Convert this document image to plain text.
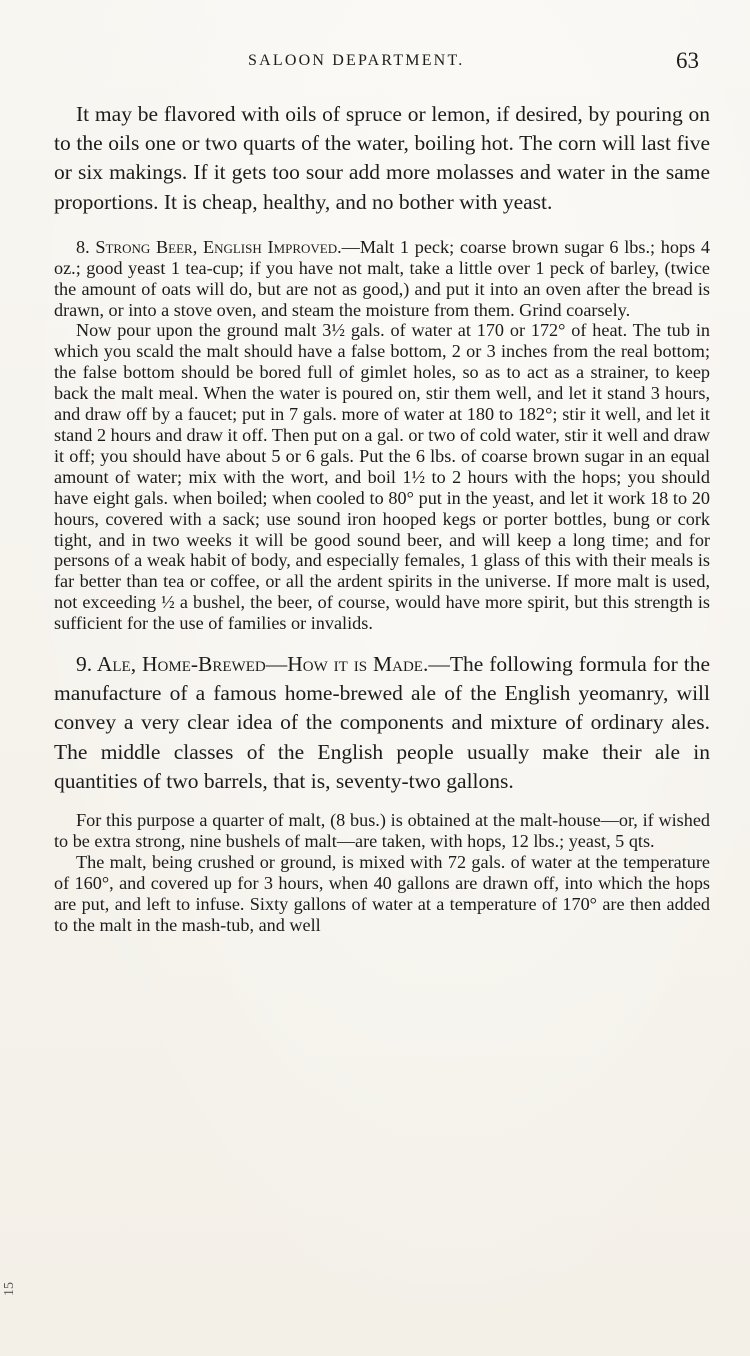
SALOON DEPARTMENT.	63

It may be flavored with oils of spruce or lemon, if desired, by pouring on to the oils one or two quarts of the water, boiling hot. The corn will last five or six makings. If it gets too sour add more molasses and water in the same proportions. It is cheap, healthy, and no bother with yeast.

8. Strong Beer, English Improved.—Malt 1 peck; coarse brown sugar 6 lbs.; hops 4 oz.; good yeast 1 tea-cup; if you have not malt, take a little over 1 peck of barley, (twice the amount of oats will do, but are not as good,) and put it into an oven after the bread is drawn, or into a stove oven, and steam the moisture from them. Grind coarsely.

Now pour upon the ground malt 3½ gals. of water at 170 or 172° of heat. The tub in which you scald the malt should have a false bottom, 2 or 3 inches from the real bottom; the false bottom should be bored full of gimlet holes, so as to act as a strainer, to keep back the malt meal. When the water is poured on, stir them well, and let it stand 3 hours, and draw off by a faucet; put in 7 gals. more of water at 180 to 182°; stir it well, and let it stand 2 hours and draw it off. Then put on a gal. or two of cold water, stir it well and draw it off; you should have about 5 or 6 gals. Put the 6 lbs. of coarse brown sugar in an equal amount of water; mix with the wort, and boil 1½ to 2 hours with the hops; you should have eight gals. when boiled; when cooled to 80° put in the yeast, and let it work 18 to 20 hours, covered with a sack; use sound iron hooped kegs or porter bottles, bung or cork tight, and in two weeks it will be good sound beer, and will keep a long time; and for persons of a weak habit of body, and especially females, 1 glass of this with their meals is far better than tea or coffee, or all the ardent spirits in the universe. If more malt is used, not exceeding ½ a bushel, the beer, of course, would have more spirit, but this strength is sufficient for the use of families or invalids.

9. Ale, Home-Brewed—How it is Made.—The following formula for the manufacture of a famous home-brewed ale of the English yeomanry, will convey a very clear idea of the components and mixture of ordinary ales. The middle classes of the English people usually make their ale in quantities of two barrels, that is, seventy-two gallons.

For this purpose a quarter of malt, (8 bus.) is obtained at the malt-house—or, if wished to be extra strong, nine bushels of malt—are taken, with hops, 12 lbs.; yeast, 5 qts.

The malt, being crushed or ground, is mixed with 72 gals. of water at the temperature of 160°, and covered up for 3 hours, when 40 gallons are drawn off, into which the hops are put, and left to infuse. Sixty gallons of water at a temperature of 170° are then added to the malt in the mash-tub, and well

15
